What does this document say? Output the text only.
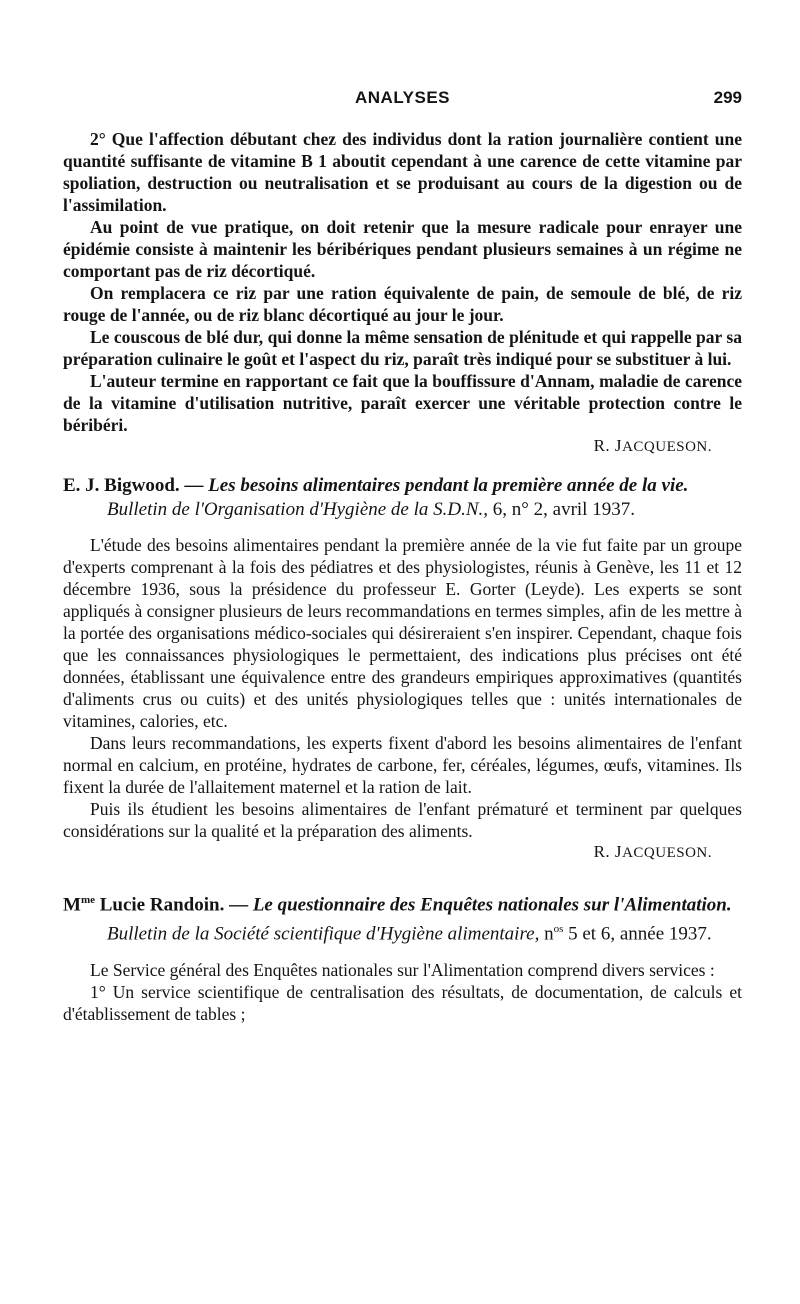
ANALYSES	299

2° Que l'affection débutant chez des individus dont la ration journalière contient une quantité suffisante de vitamine B 1 aboutit cependant à une carence de cette vitamine par spoliation, destruction ou neutralisation et se produisant au cours de la digestion ou de l'assimilation.

Au point de vue pratique, on doit retenir que la mesure radicale pour enrayer une épidémie consiste à maintenir les béribériques pendant plusieurs semaines à un régime ne comportant pas de riz décortiqué.

On remplacera ce riz par une ration équivalente de pain, de semoule de blé, de riz rouge de l'année, ou de riz blanc décortiqué au jour le jour.

Le couscous de blé dur, qui donne la même sensation de plénitude et qui rappelle par sa préparation culinaire le goût et l'aspect du riz, paraît très indiqué pour se substituer à lui.

L'auteur termine en rapportant ce fait que la bouffissure d'Annam, maladie de carence de la vitamine d'utilisation nutritive, paraît exercer une véritable protection contre le béribéri.

R. JACQUESON.
E. J. Bigwood. — Les besoins alimentaires pendant la première année de la vie. Bulletin de l'Organisation d'Hygiène de la S.D.N., 6, n° 2, avril 1937.

L'étude des besoins alimentaires pendant la première année de la vie fut faite par un groupe d'experts comprenant à la fois des pédiatres et des physiologistes, réunis à Genève, les 11 et 12 décembre 1936, sous la présidence du professeur E. Gorter (Leyde). Les experts se sont appliqués à consigner plusieurs de leurs recommandations en termes simples, afin de les mettre à la portée des organisations médico-sociales qui désireraient s'en inspirer. Cependant, chaque fois que les connaissances physiologiques le permettaient, des indications plus précises ont été données, établissant une équivalence entre des grandeurs empiriques approximatives (quantités d'aliments crus ou cuits) et des unités physiologiques telles que : unités internationales de vitamines, calories, etc.

Dans leurs recommandations, les experts fixent d'abord les besoins alimentaires de l'enfant normal en calcium, en protéine, hydrates de carbone, fer, céréales, légumes, œufs, vitamines. Ils fixent la durée de l'allaitement maternel et la ration de lait.

Puis ils étudient les besoins alimentaires de l'enfant prématuré et terminent par quelques considérations sur la qualité et la préparation des aliments.

R. JACQUESON.
$M^{me}$ Lucie Randoin. — Le questionnaire des Enquêtes nationales sur l'Alimentation. Bulletin de la Société scientifique d'Hygiène alimentaire, $n^{os}$ 5 et 6, année 1937.

Le Service général des Enquêtes nationales sur l'Alimentation comprend divers services :

1° Un service scientifique de centralisation des résultats, de documentation, de calculs et d'établissement de tables ;
